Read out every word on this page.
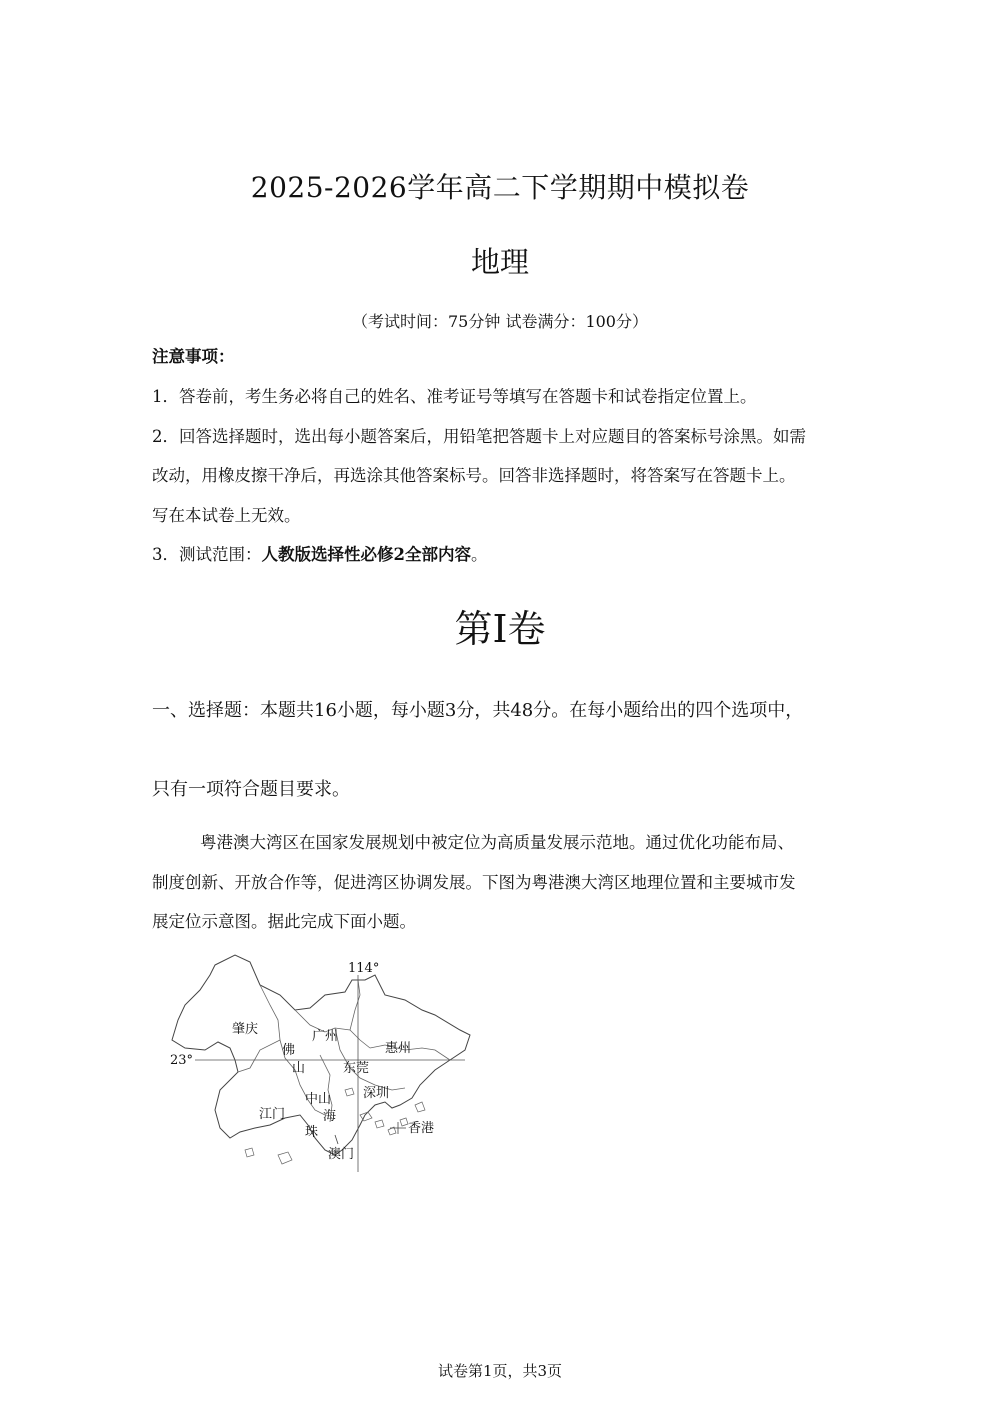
2025-2026学年高二下学期期中模拟卷
地理
（考试时间：75分钟 试卷满分：100分）
注意事项：
1．答卷前，考生务必将自己的姓名、准考证号等填写在答题卡和试卷指定位置上。
2．回答选择题时，选出每小题答案后，用铅笔把答题卡上对应题目的答案标号涂黑。如需
改动，用橡皮擦干净后，再选涂其他答案标号。回答非选择题时，将答案写在答题卡上。
写在本试卷上无效。
3．测试范围：人教版选择性必修2全部内容。
第Ⅰ卷
一、选择题：本题共16小题，每小题3分，共48分。在每小题给出的四个选项中，
只有一项符合题目要求。
粤港澳大湾区在国家发展规划中被定位为高质量发展示范地。通过优化功能布局、
制度创新、开放合作等，促进湾区协调发展。下图为粤港澳大湾区地理位置和主要城市发
展定位示意图。据此完成下面小题。
114°
23°
肇庆	广州
惠州
佛
山	东莞
深圳
中山
江门	海
珠	香港
澳门
试卷第1页，共3页
